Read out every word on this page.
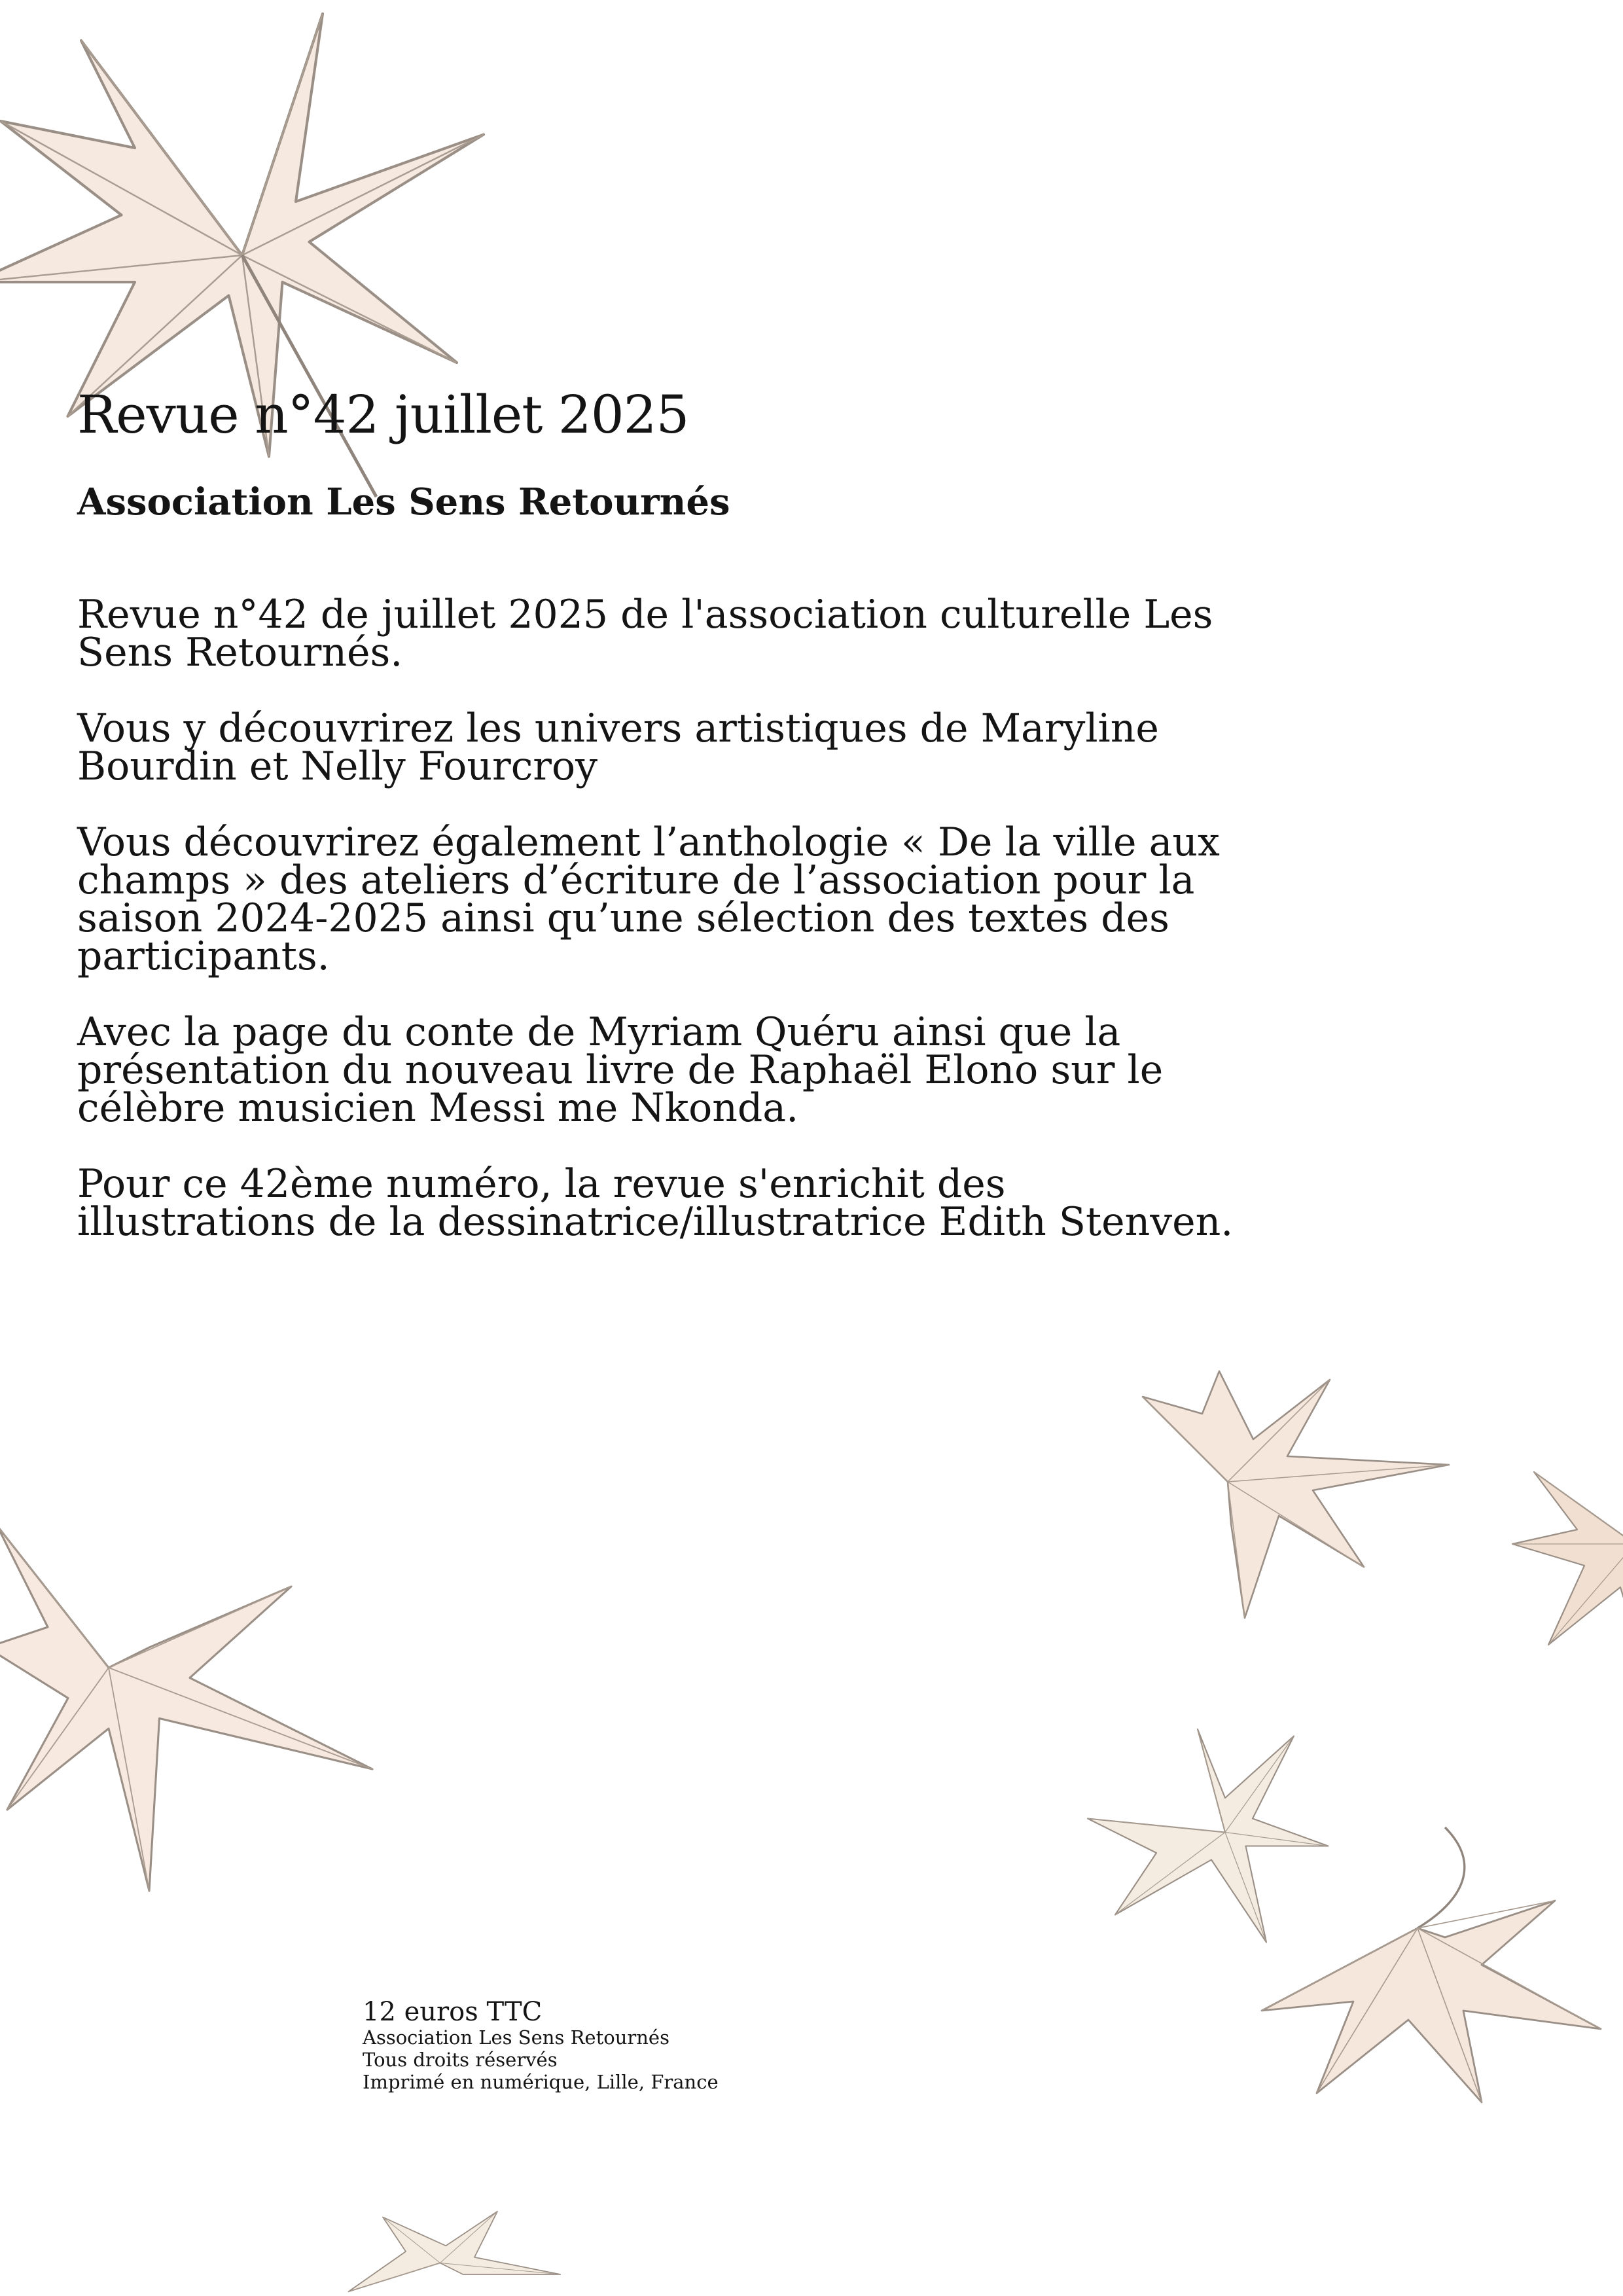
Revue n°42 juillet 2025
Association Les Sens Retournés

Revue n°42 de juillet 2025 de l'association culturelle Les Sens Retournés.

Vous y découvrirez les univers artistiques de Maryline Bourdin et Nelly Fourcroy

Vous découvrirez également l’anthologie « De la ville aux champs » des ateliers d’écriture de l’association pour la saison 2024-2025 ainsi qu’une sélection des textes des participants.

Avec la page du conte de Myriam Quéru ainsi que la présentation du nouveau livre de Raphaël Elono sur le célèbre musicien Messi me Nkonda.

Pour ce 42ème numéro, la revue s'enrichit des illustrations de la dessinatrice/illustratrice Edith Stenven.

12 euros TTC
Association Les Sens Retournés
Tous droits réservés
Imprimé en numérique, Lille, France
